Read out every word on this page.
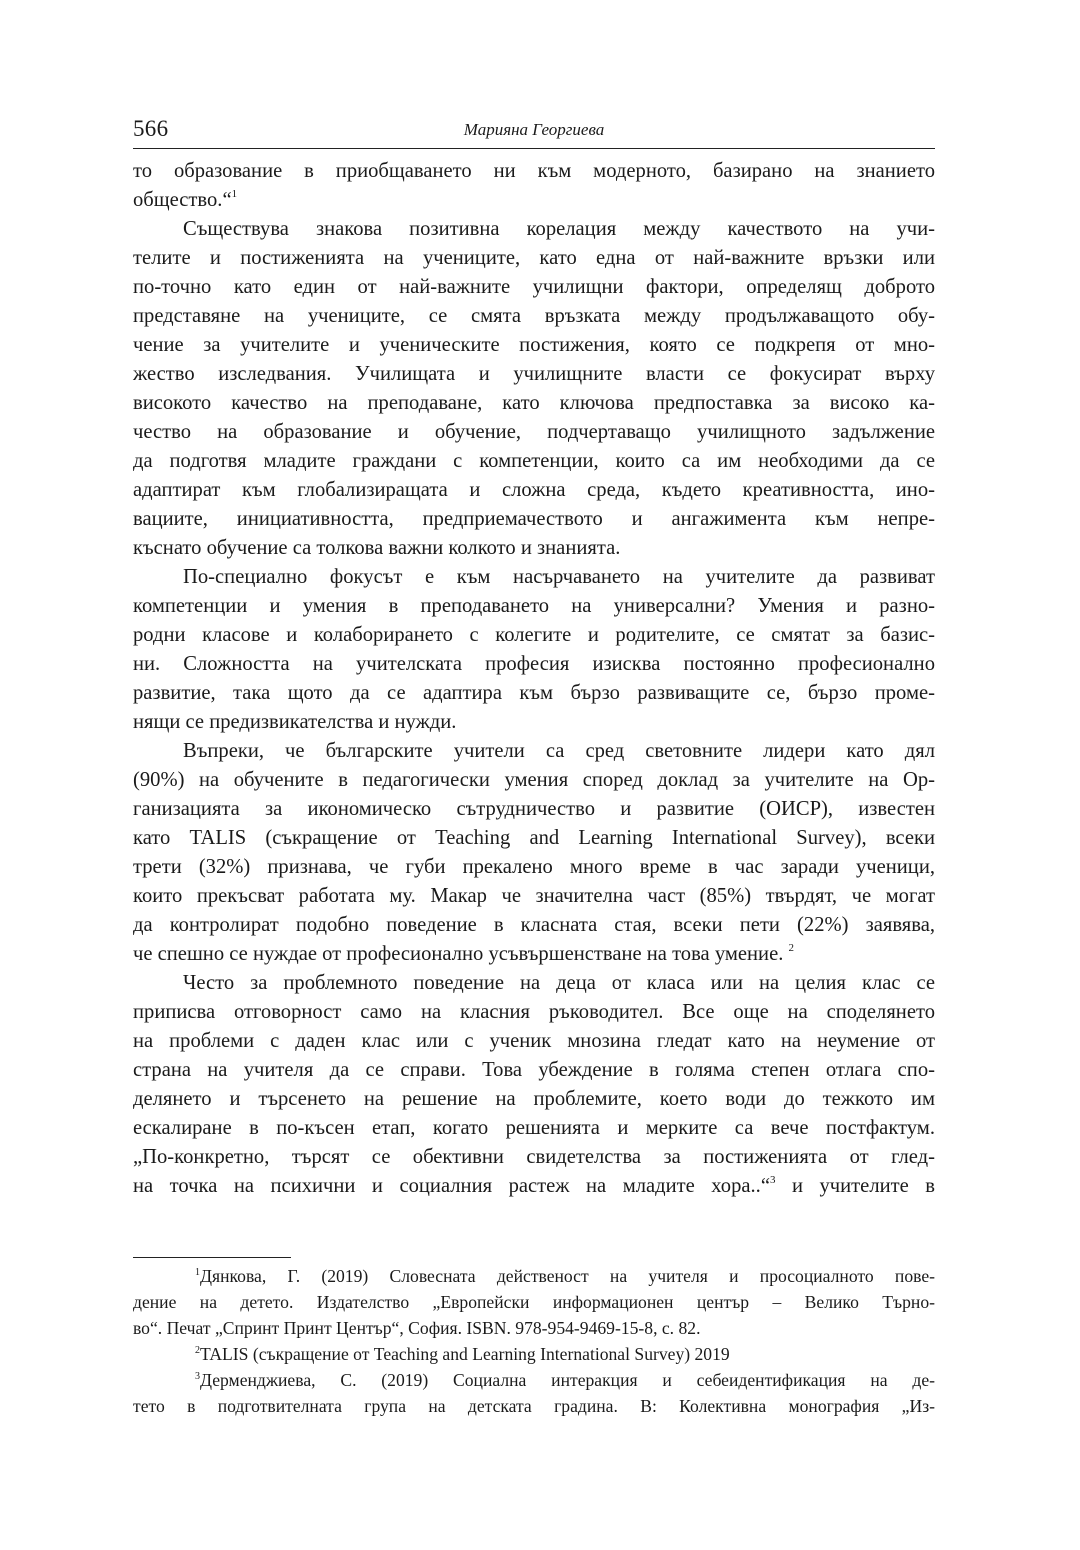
566	Марияна Георгиева

то образование в приобщаването ни към модерното, базирано на знанието
общество.“$^1$

Съществува знакова позитивна корелация между качеството на учи-
телите и постиженията на учениците, като една от най-важните връзки или
по-точно като един от най-важните училищни фактори, определящ доброто
представяне на учениците, се смята връзката между продължаващото обу-
чение за учителите и ученическите постижения, която се подкрепя от мно-
жество изследвания. Училищата и училищните власти се фокусират върху
високото качество на преподаване, като ключова предпоставка за високо ка-
чество на образование и обучение, подчертаващо училищното задължение
да подготвя младите граждани с компетенции, които са им необходими да се
адаптират към глобализиращата и сложна среда, където креативността, ино-
вациите, инициативността, предприемачеството и ангажимента към непре-
къснато обучение са толкова важни колкото и знанията.

По-специално фокусът е към насърчаването на учителите да развиват
компетенции и умения в преподаването на универсални? Умения и разно-
родни класове и колаборирането с колегите и родителите, се смятат за базис-
ни. Сложността на учителската професия изисква постоянно професионално
развитие, така щото да се адаптира към бързо развиващите се, бързо проме-
нящи се предизвикателства и нужди.

Въпреки, че българските учители са сред световните лидери като дял
(90%) на обучените в педагогически умения според доклад за учителите на Ор-
ганизацията за икономическо сътрудничество и развитие (ОИСР), известен
като TALIS (съкращение от Teaching and Learning International Survey), всеки
трети (32%) признава, че губи прекалено много време в час заради ученици,
които прекъсват работата му. Макар че значителна част (85%) твърдят, че могат
да контролират подобно поведение в класната стая, всеки пети (22%) заявява,
че спешно се нуждае от професионално усъвършенстване на това умение. $^2$

Често за проблемното поведение на деца от класа или на целия клас се
приписва отговорност само на класния ръководител. Все още на споделянето
на проблеми с даден клас или с ученик мнозина гледат като на неумение от
страна на учителя да се справи. Това убеждение в голяма степен отлага спо-
делянето и търсенето на решение на проблемите, което води до тежкото им
ескалиране в по-късен етап, когато решенията и мерките са вече постфактум.
„По-конкретно, търсят се обективни свидетелства за постиженията от глед-
на точка на психични и социалния растеж на младите хора..“$^3$ и учителите в

$^1$Дянкова, Г. (2019) Словесната действеност на учителя и просоциалното пове-
дение на детето. Издателство „Европейски информационен център – Велико Търно-
во“. Печат „Спринт Принт Център“, София. ISBN. 978-954-9469-15-8, с. 82.

$^2$TALIS (съкращение от Teaching and Learning International Survey) 2019

$^3$Дерменджиева, С. (2019) Социална интеракция и себеидентификация на де-
тето в подготвителната група на детската градина. В: Колективна монография „Из-
